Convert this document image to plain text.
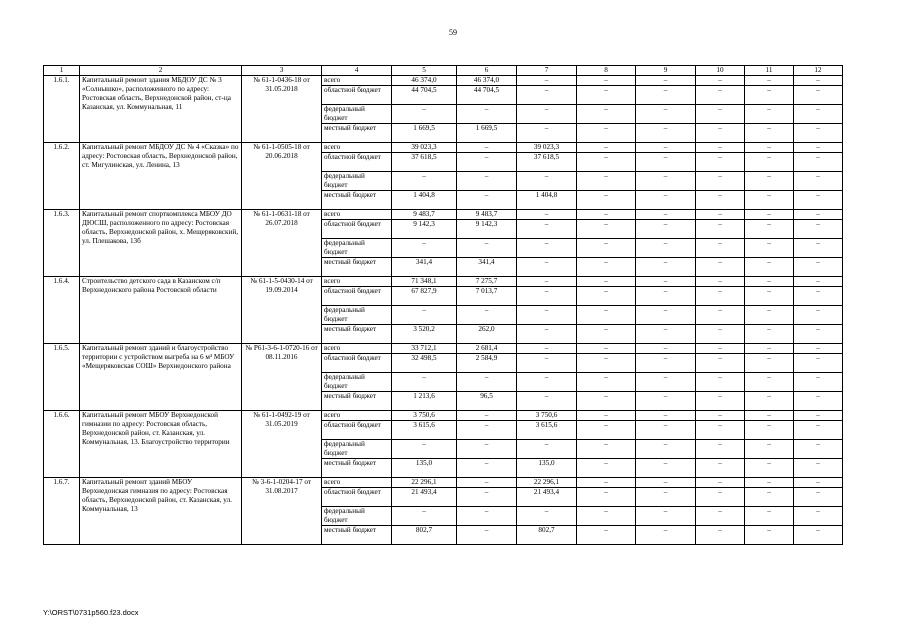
59
1	2	3	4	5	6	7	8	9	10	11	12
1.6.1.	Капитальный ремонт здания МБДОУ ДС № 3 «Солнышко», расположенного по адресу: Ростовская область, Верхнедонской район, ст-ца Казанская, ул. Коммунальная, 11	№ 61-1-0436-18 от 31.05.2018	всего	46 374,0	46 374,0	–	–	–	–	–	–
			областной бюджет	44 704,5	44 704,5	–	–	–	–	–	–
			федеральный бюджет	–	–	–	–	–	–	–	–
			местный бюджет	1 669,5	1 669,5	–	–	–	–	–	–
1.6.2.	Капитальный ремонт МБДОУ ДС № 4 «Сказка» по адресу: Ростовская область, Верхнедонской район, ст. Мигулинская, ул. Ленина, 13	№ 61-1-0505-18 от 20.06.2018	всего	39 023,3	–	39 023,3	–	–	–	–	–
			областной бюджет	37 618,5	–	37 618,5	–	–	–	–	–
			федеральный бюджет	–	–	–	–	–	–	–	–
			местный бюджет	1 404,8	–	1 404,8	–	–	–	–	–
1.6.3.	Капитальный ремонт спорткомплекса МБОУ ДО ДЮСШ, расположенного по адресу: Ростовская область, Верхнедонской район, х. Мещеряковский, ул. Плешакова, 13б	№ 61-1-0631-18 от 26.07.2018	всего	9 483,7	9 483,7	–	–	–	–	–	–
			областной бюджет	9 142,3	9 142,3	–	–	–	–	–	–
			федеральный бюджет	–	–	–	–	–	–	–	–
			местный бюджет	341,4	341,4	–	–	–	–	–	–
1.6.4.	Строительство детского сада в Казанском с/п Верхнедонского района Ростовской области	№ 61-1-5-0430-14 от 19.09.2014	всего	71 348,1	7 275,7	–	–	–	–	–	–
			областной бюджет	67 827,9	7 013,7	–	–	–	–	–	–
			федеральный бюджет	–	–	–	–	–	–	–	–
			местный бюджет	3 520,2	262,0	–	–	–	–	–	–
1.6.5.	Капитальный ремонт зданий и благоустройство территории с устройством выгреба на 6 м³ МБОУ «Мещеряковская СОШ» Верхнедонского района	№ Р61-3-6-1-0720-16 от 08.11.2016	всего	33 712,1	2 681,4	–	–	–	–	–	–
			областной бюджет	32 498,5	2 584,9	–	–	–	–	–	–
			федеральный бюджет	–	–	–	–	–	–	–	–
			местный бюджет	1 213,6	96,5	–	–	–	–	–	–
1.6.6.	Капитальный ремонт МБОУ Верхнедонской гимназии по адресу: Ростовская область, Верхнедонской район, ст. Казанская, ул. Коммунальная, 13. Благоустройство территории	№ 61-1-0492-19 от 31.05.2019	всего	3 750,6	–	3 750,6	–	–	–	–	–
			областной бюджет	3 615,6	–	3 615,6	–	–	–	–	–
			федеральный бюджет	–	–	–	–	–	–	–	–
			местный бюджет	135,0	–	135,0	–	–	–	–	–
1.6.7.	Капитальный ремонт зданий МБОУ Верхнедонская гимназия по адресу: Ростовская область, Верхнедонской район, ст. Казанская, ул. Коммунальная, 13	№ 3-6-1-0204-17 от 31.08.2017	всего	22 296,1	–	22 296,1	–	–	–	–	–
			областной бюджет	21 493,4	–	21 493,4	–	–	–	–	–
			федеральный бюджет	–	–	–	–	–	–	–	–
			местный бюджет	802,7	–	802,7	–	–	–	–	–
Y:\ORST\0731p560.f23.docx
